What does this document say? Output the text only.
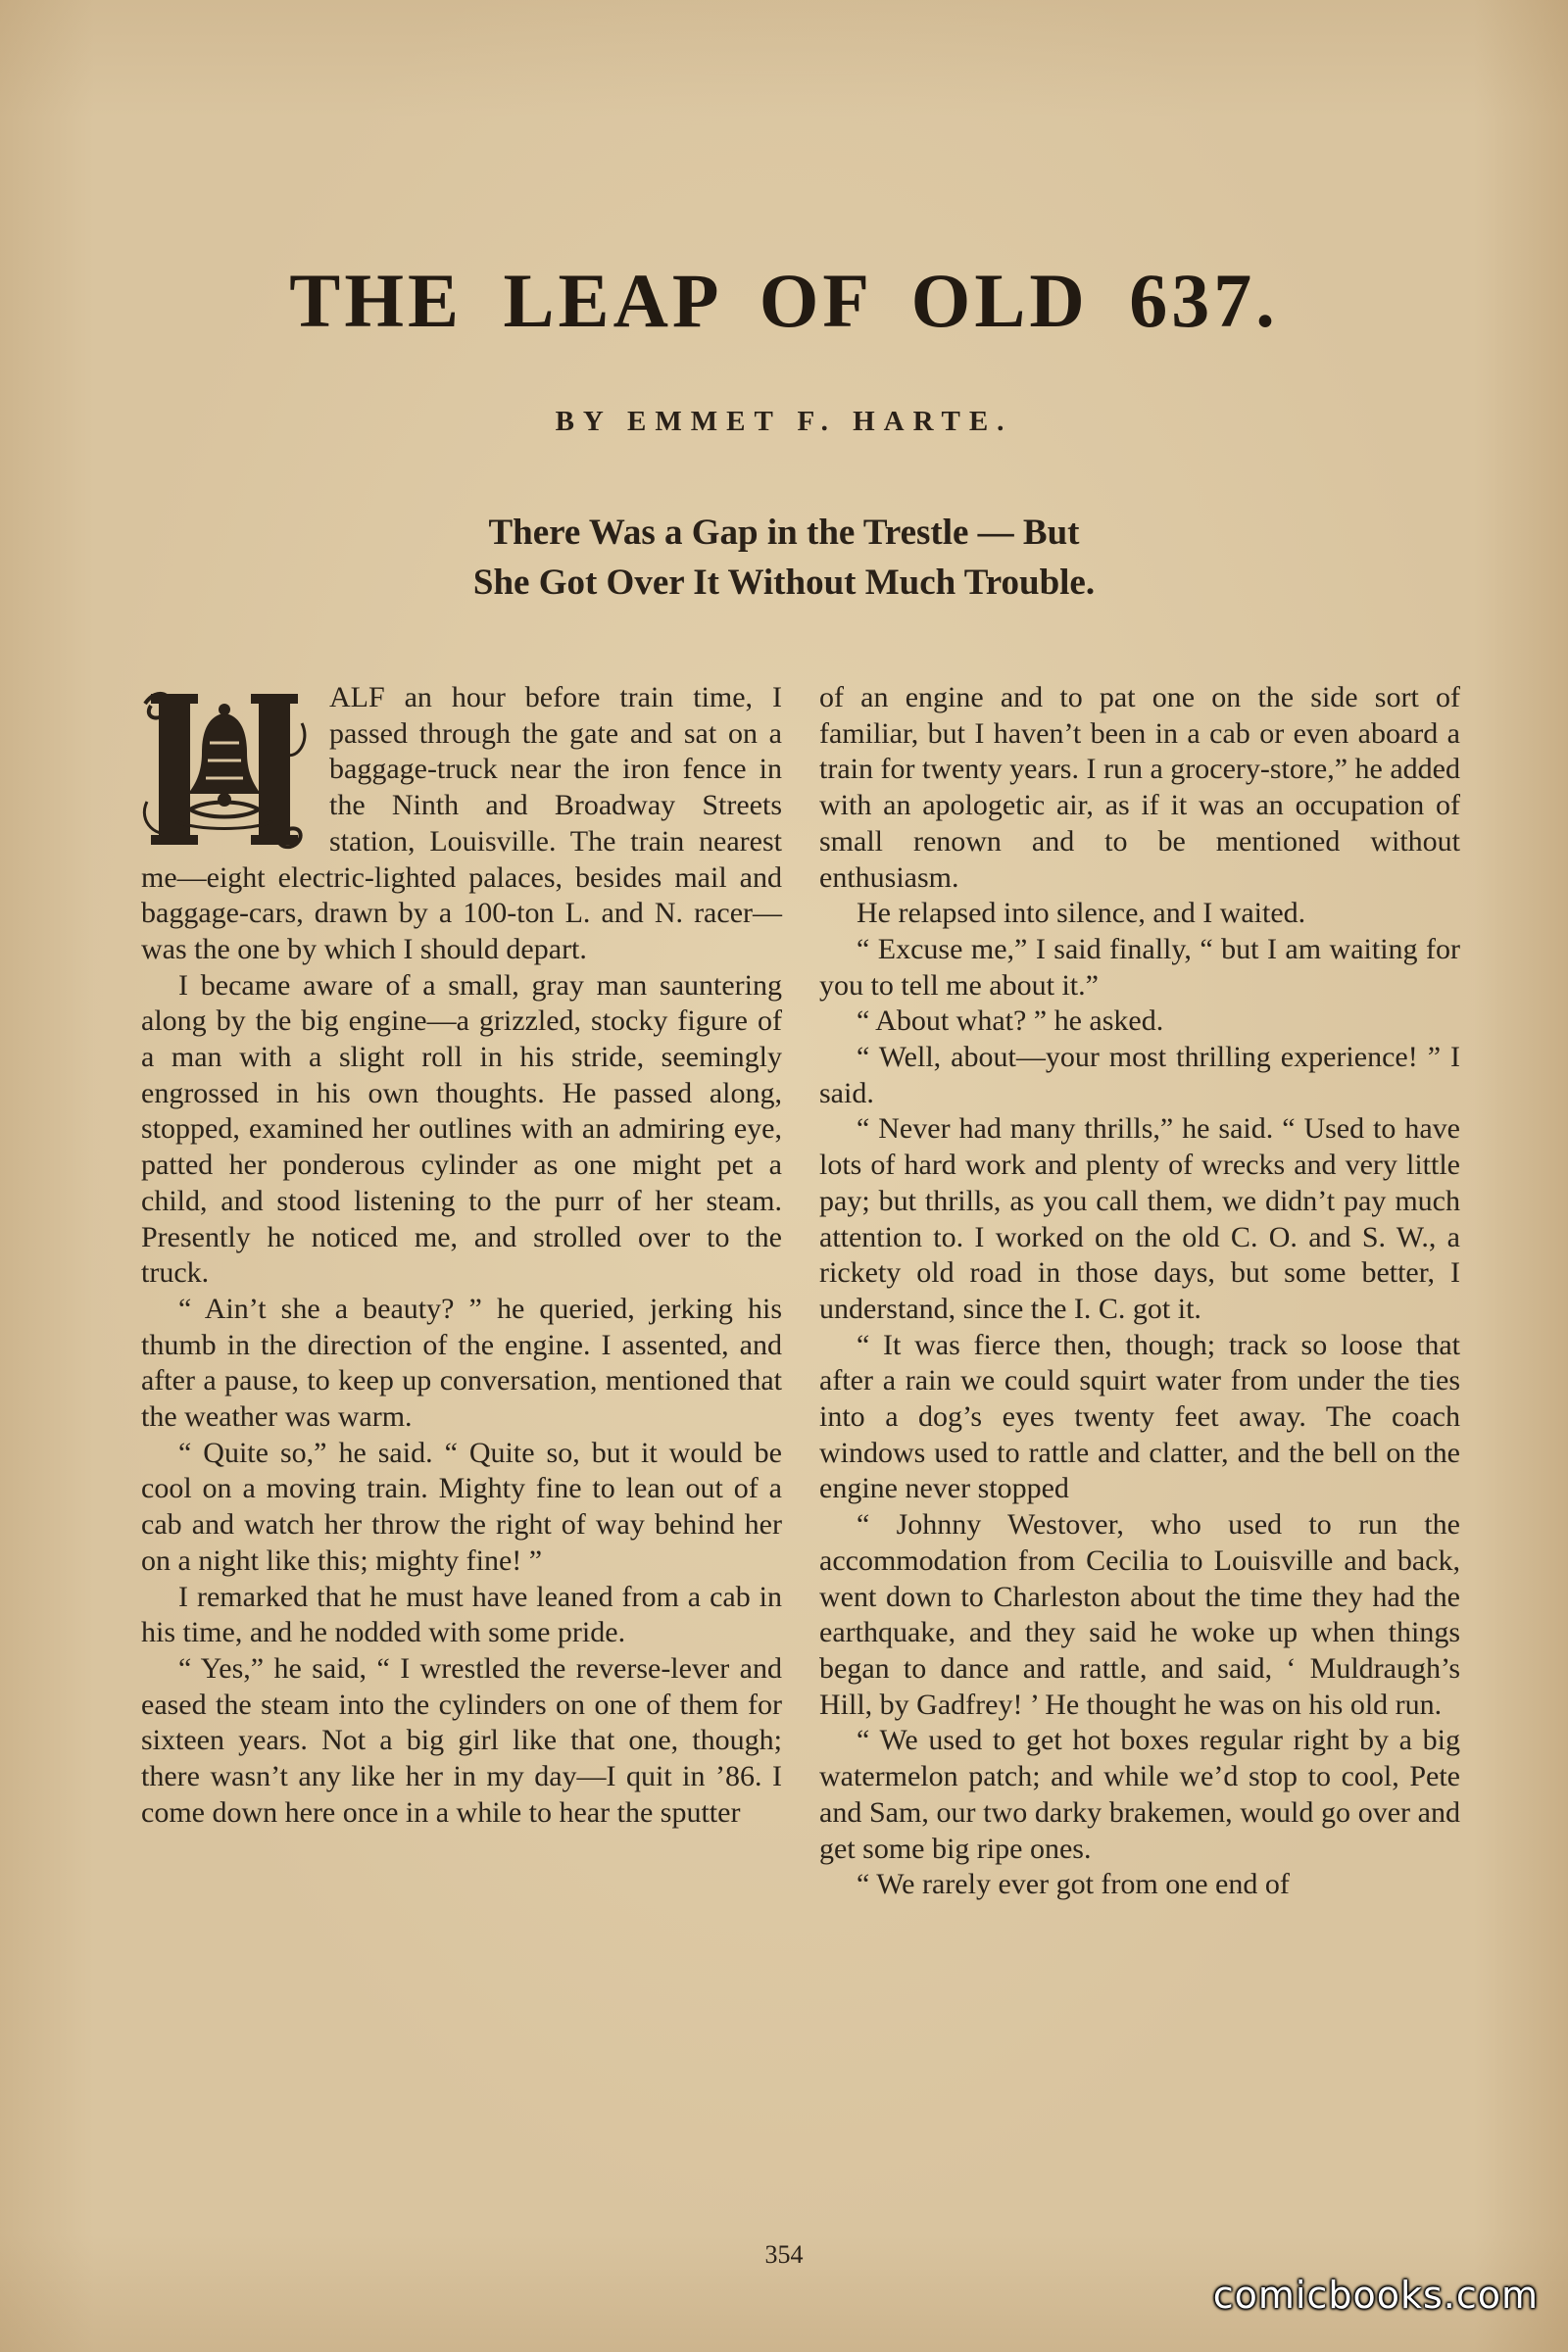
THE LEAP OF OLD 637.
BY EMMET F. HARTE.
There Was a Gap in the Trestle — But
She Got Over It Without Much Trouble.

ALF an hour before train time, I passed through the gate and sat on a baggage-truck near the iron fence in the Ninth and Broadway Streets station, Louisville. The train nearest me—eight electric-lighted palaces, besides mail and baggage-cars, drawn by a 100-ton L. and N. racer—was the one by which I should depart.

I became aware of a small, gray man sauntering along by the big engine—a grizzled, stocky figure of a man with a slight roll in his stride, seemingly engrossed in his own thoughts. He passed along, stopped, examined her outlines with an admiring eye, patted her ponderous cylinder as one might pet a child, and stood listening to the purr of her steam. Presently he noticed me, and strolled over to the truck.

“ Ain’t she a beauty? ” he queried, jerking his thumb in the direction of the engine. I assented, and after a pause, to keep up conversation, mentioned that the weather was warm.

“ Quite so,” he said. “ Quite so, but it would be cool on a moving train. Mighty fine to lean out of a cab and watch her throw the right of way behind her on a night like this; mighty fine! ”

I remarked that he must have leaned from a cab in his time, and he nodded with some pride.

“ Yes,” he said, “ I wrestled the reverse-lever and eased the steam into the cylinders on one of them for sixteen years. Not a big girl like that one, though; there wasn’t any like her in my day—I quit in ’86. I come down here once in a while to hear the sputter

of an engine and to pat one on the side sort of familiar, but I haven’t been in a cab or even aboard a train for twenty years. I run a grocery-store,” he added with an apologetic air, as if it was an occupation of small renown and to be mentioned without enthusiasm.

He relapsed into silence, and I waited.

“ Excuse me,” I said finally, “ but I am waiting for you to tell me about it.”

“ About what? ” he asked.

“ Well, about—your most thrilling experience! ” I said.

“ Never had many thrills,” he said. “ Used to have lots of hard work and plenty of wrecks and very little pay; but thrills, as you call them, we didn’t pay much attention to. I worked on the old C. O. and S. W., a rickety old road in those days, but some better, I understand, since the I. C. got it.

“ It was fierce then, though; track so loose that after a rain we could squirt water from under the ties into a dog’s eyes twenty feet away. The coach windows used to rattle and clatter, and the bell on the engine never stopped

“ Johnny Westover, who used to run the accommodation from Cecilia to Louisville and back, went down to Charleston about the time they had the earthquake, and they said he woke up when things began to dance and rattle, and said, ‘ Muldraugh’s Hill, by Gadfrey! ’ He thought he was on his old run.

“ We used to get hot boxes regular right by a big watermelon patch; and while we’d stop to cool, Pete and Sam, our two darky brakemen, would go over and get some big ripe ones.

“ We rarely ever got from one end of

354
comicbooks.com
